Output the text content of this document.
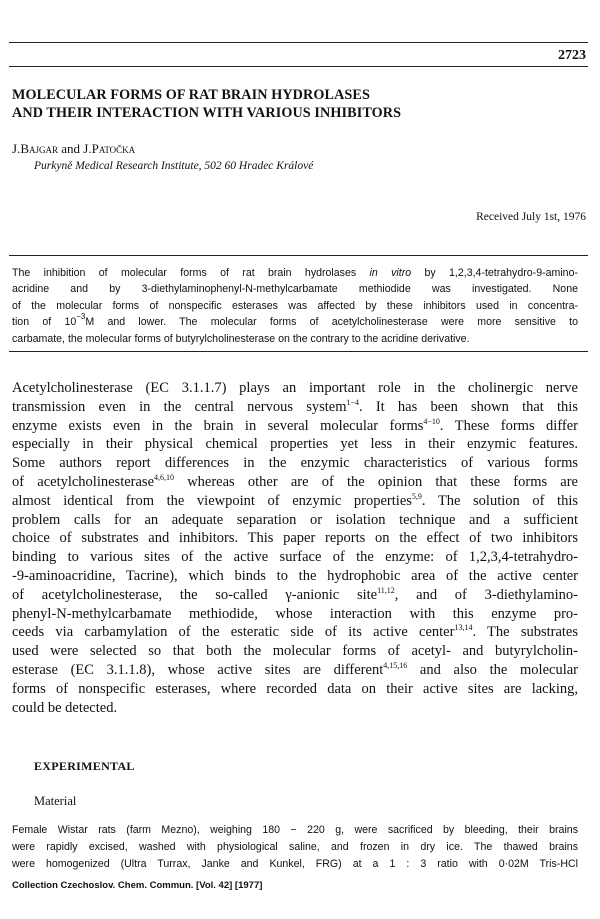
2723
MOLECULAR FORMS OF RAT BRAIN HYDROLASES
AND THEIR INTERACTION WITH VARIOUS INHIBITORS
J.Bajgar and J.Patočka
Purkyně Medical Research Institute, 502 60 Hradec Králové
Received July 1st, 1976
The inhibition of molecular forms of rat brain hydrolases in vitro by 1,2,3,4-tetrahydro-9-amino-
acridine and by 3-diethylaminophenyl-N-methylcarbamate methiodide was investigated. None
of the molecular forms of nonspecific esterases was affected by these inhibitors used in concentra-
tion of $10^{-3}M$ and lower. The molecular forms of acetylcholinesterase were more sensitive to
carbamate, the molecular forms of butyrylcholinesterase on the contrary to the acridine derivative.
Acetylcholinesterase (EC 3.1.1.7) plays an important role in the cholinergic nerve
transmission even in the central nervous system$^{1-4}$. It has been shown that this
enzyme exists even in the brain in several molecular forms$^{4-10}$. These forms differ
especially in their physical chemical properties yet less in their enzymic features.
Some authors report differences in the enzymic characteristics of various forms
of acetylcholinesterase$^{4,6,10}$ whereas other are of the opinion that these forms are
almost identical from the viewpoint of enzymic properties$^{5,9}$. The solution of this
problem calls for an adequate separation or isolation technique and a sufficient
choice of substrates and inhibitors. This paper reports on the effect of two inhibitors
binding to various sites of the active surface of the enzyme: of 1,2,3,4-tetrahydro-
-9-aminoacridine, Tacrine), which binds to the hydrophobic area of the active center
of acetylcholinesterase, the so-called γ-anionic site$^{11,12}$, and of 3-diethylamino-
phenyl-N-methylcarbamate methiodide, whose interaction with this enzyme pro-
ceeds via carbamylation of the esteratic side of its active center$^{13,14}$. The substrates
used were selected so that both the molecular forms of acetyl- and butyrylcholin-
esterase (EC 3.1.1.8), whose active sites are different$^{4,15,16}$ and also the molecular
forms of nonspecific esterases, where recorded data on their active sites are lacking,
could be detected.
EXPERIMENTAL
Material
Female Wistar rats (farm Mezno), weighing 180 − 220 g, were sacrificed by bleeding, their brains
were rapidly excised, washed with physiological saline, and frozen in dry ice. The thawed brains
were homogenized (Ultra Turrax, Janke and Kunkel, FRG) at a 1 : 3 ratio with 0·02M Tris-HCl
Collection Czechoslov. Chem. Commun. [Vol. 42] [1977]
